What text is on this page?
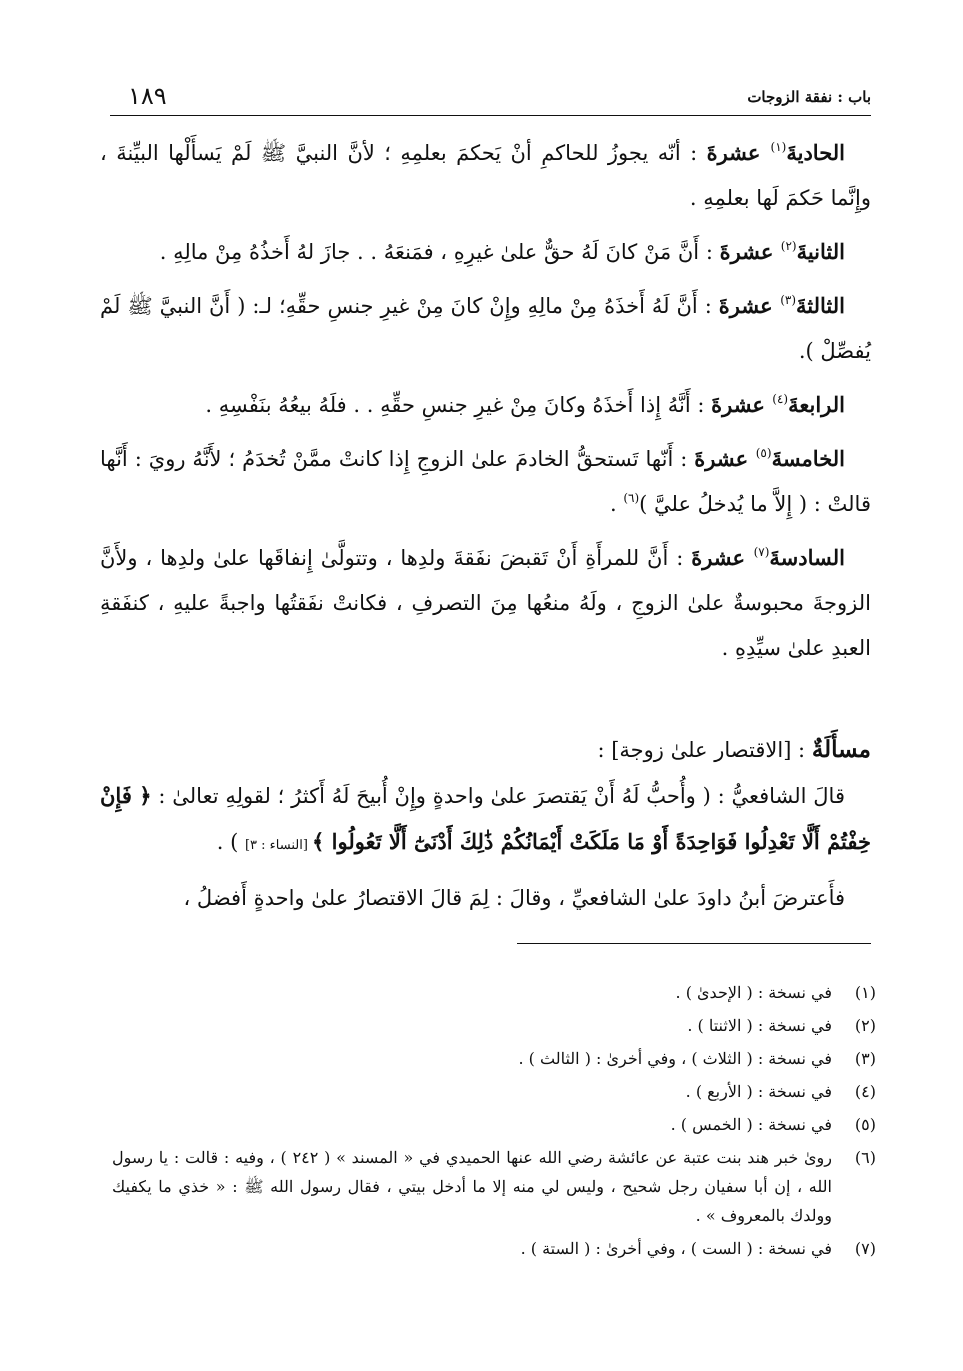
١٨٩	باب : نفقة الزوجات

الحاديةَ$^{(١)}$ عشرةَ : أنّه يجوزُ للحاكمِ أنْ يَحكمَ بعلمِهِ ؛ لأنَّ النبيَّ ﷺ لَمْ يَسأَلْها البيِّنةَ ، وإِنَّما حَكمَ لَها بعلمِهِ .

الثانيةَ$^{(٢)}$ عشرةَ : أَنَّ مَنْ كانَ لَهُ حقٌّ علىٰ غيرِهِ ، فمَنعَهُ . . جازَ لهُ أَخذُهُ مِنْ مالِهِ .

الثالثةَ$^{(٣)}$ عشرةَ : أَنَّ لَهُ أَخذَهُ مِنْ مالِهِ وإِنْ كانَ مِنْ غيرِ جنسِ حقِّهِ؛ لـ: ( أَنَّ النبيَّ ﷺ لَمْ يُفصِّلْ ).

الرابعةَ$^{(٤)}$ عشرةَ : أَنَّهُ إِذا أَخذَهُ وكانَ مِنْ غيرِ جنسِ حقِّهِ . . فلَهُ بيعُهُ بنَفْسِهِ .

الخامسةَ$^{(٥)}$ عشرةَ : أَنّها تَستحقُّ الخادمَ علىٰ الزوجِ إِذا كانتْ ممَّنْ تُخدَمُ ؛ لأَنَّهُ رويَ : أَنَّها قالتْ : ( إِلاَّ ما يُدخلُ عليَّ )$^{(٦)}$ .

السادسةَ$^{(٧)}$ عشرةَ : أَنَّ للمرأَةِ أَنْ تَقبضَ نفَقةَ ولدِها ، وتتولَّىٰ إِنفاقَها علىٰ ولدِها ، ولأَنَّ الزوجةَ محبوسةٌ علىٰ الزوجِ ، ولَهُ منعُها مِنَ التصرفِ ، فكانتْ نفَقتُها واجبةً عليهِ ، كنفَقةِ العبدِ علىٰ سيِّدِهِ .

مسأَلَةٌ : [الاقتصار علىٰ زوجة] :

قالَ الشافعيُّ : ( وأُحبُّ لَهُ أَنْ يَقتصرَ علىٰ واحدةٍ وإِنْ أُبيحَ لَهُ أَكثرُ ؛ لقولِهِ تعالىٰ : ﴿ فَإِنْ خِفْتُمْ أَلَّا تَعْدِلُوا فَوَاحِدَةً أَوْ مَا مَلَكَتْ أَيْمَانُكُمْ ذَٰلِكَ أَدْنَىٰٓ أَلَّا تَعُولُوا ﴾ [النساء : ٣] ) .

فأَعترضَ أبنُ داودَ علىٰ الشافعيِّ ، وقالَ : لِمَ قالَ الاقتصارُ علىٰ واحدةٍ أَفضلُ ،

(١)
في نسخة : ( الإحدىٰ ) .
(٢)
في نسخة : ( الاثنتا ) .
(٣)
في نسخة : ( الثلاث ) ، وفي أخرىٰ : ( الثالث ) .
(٤)
في نسخة : ( الأربع ) .
(٥)
في نسخة : ( الخمس ) .
(٦)
روىٰ خبر هند بنت عتبة عن عائشة رضي الله عنها الحميدي في « المسند » ( ٢٤٢ ) ، وفيه : قالت : يا رسول الله ، إن أبا سفيان رجل شحيح ، وليس لي منه إلا ما أدخل بيتي ، فقال رسول الله ﷺ : « خذي ما يكفيك وولدك بالمعروف » .
(٧)
في نسخة : ( الست ) ، وفي أخرىٰ : ( الستة ) .
